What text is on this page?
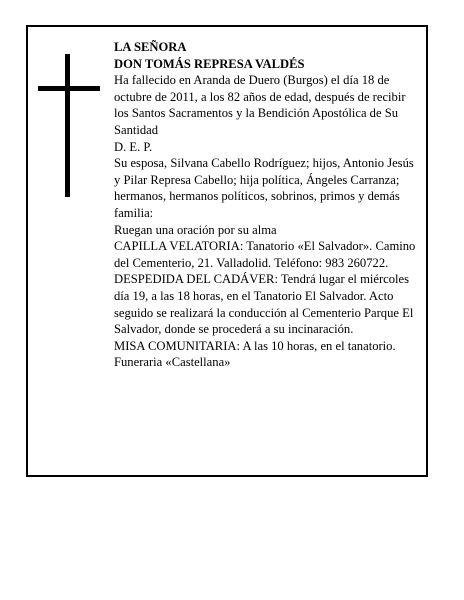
LA SEÑORA

DON TOMÁS REPRESA VALDÉS

Ha fallecido en Aranda de Duero (Burgos) el día 18 de octubre de 2011, a los 82 años de edad, después de recibir los Santos Sacramentos y la Bendición Apostólica de Su Santidad

D. E. P.

Su esposa, Silvana Cabello Rodríguez; hijos, Antonio Jesús y Pilar Represa Cabello; hija política, Ángeles Carranza; hermanos, hermanos políticos, sobrinos, primos y demás familia:

Ruegan una oración por su alma

CAPILLA VELATORIA: Tanatorio «El Salvador». Camino del Cementerio, 21. Valladolid. Teléfono: 983 260722.

DESPEDIDA DEL CADÁVER: Tendrá lugar el miércoles día 19, a las 18 horas, en el Tanatorio El Salvador. Acto seguido se realizará la conducción al Cementerio Parque El Salvador, donde se procederá a su incinaración.

MISA COMUNITARIA: A las 10 horas, en el tanatorio.

Funeraria «Castellana»
